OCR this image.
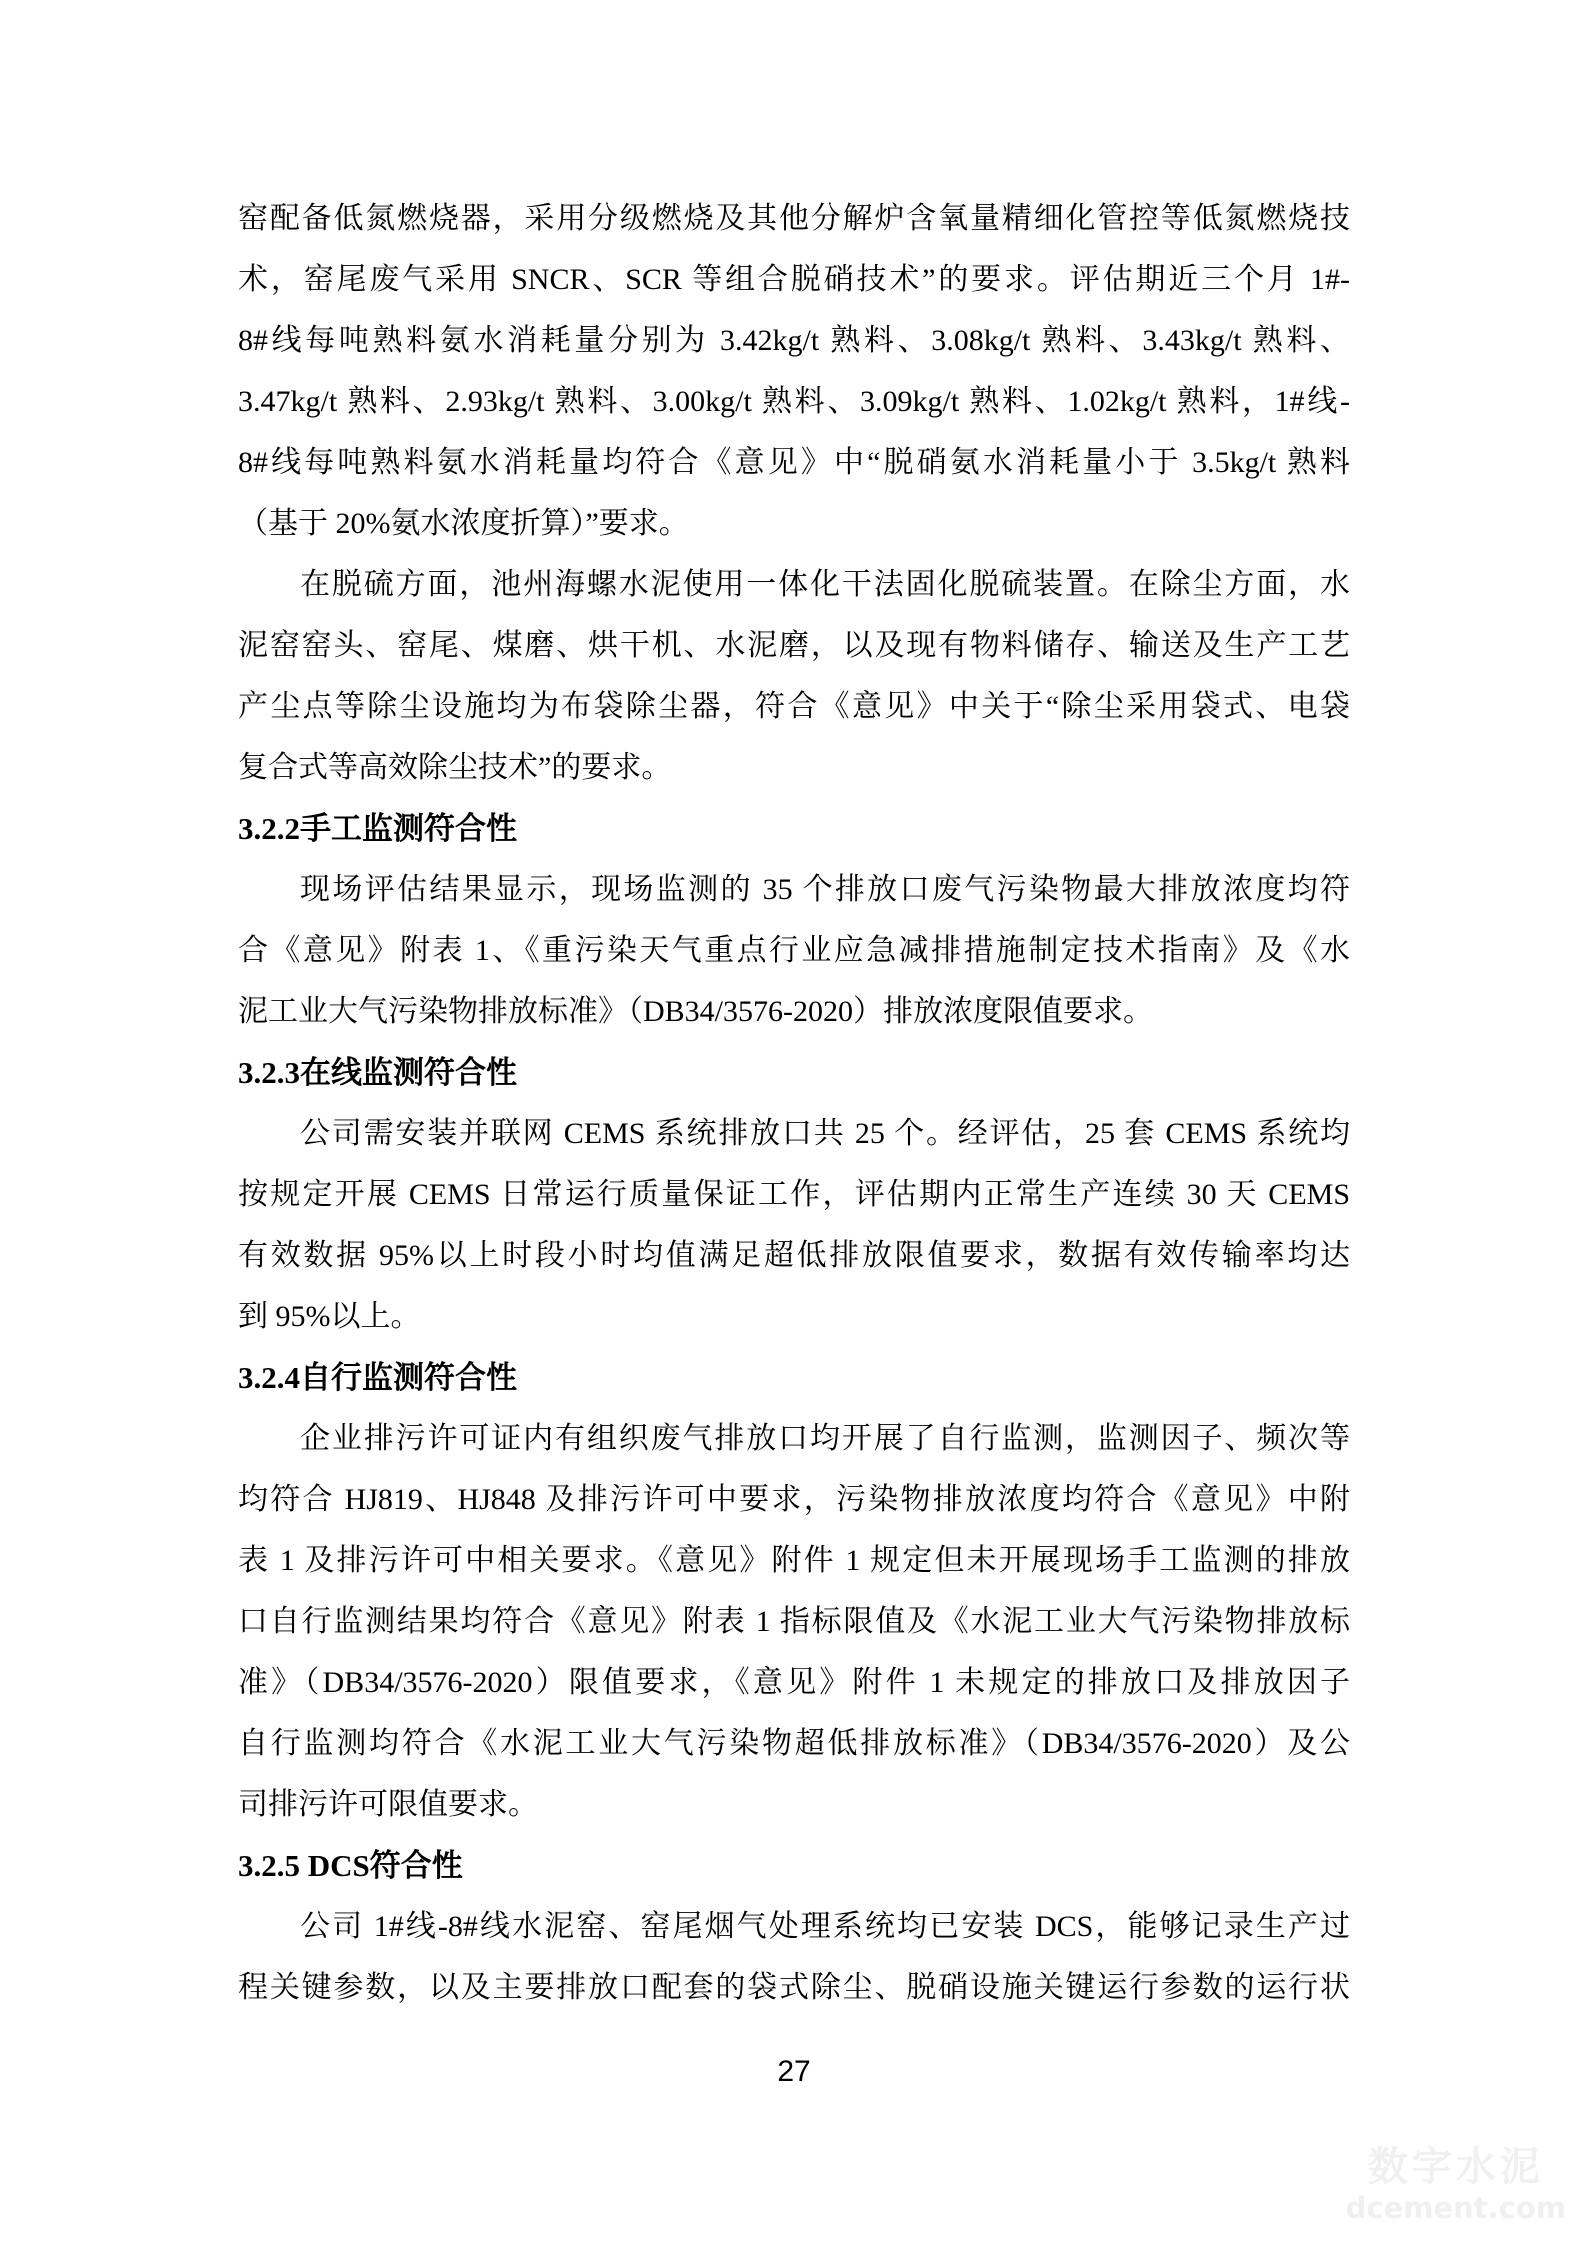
窑配备低氮燃烧器，采用分级燃烧及其他分解炉含氧量精细化管控等低氮燃烧技
术，窑尾废气采用 SNCR、SCR 等组合脱硝技术”的要求。评估期近三个月 1#-
8#线每吨熟料氨水消耗量分别为 3.42kg/t 熟料、3.08kg/t 熟料、3.43kg/t 熟料、
3.47kg/t 熟料、2.93kg/t 熟料、3.00kg/t 熟料、3.09kg/t 熟料、1.02kg/t 熟料，1#线-
8#线每吨熟料氨水消耗量均符合《意见》中“脱硝氨水消耗量小于 3.5kg/t 熟料
（基于 20%氨水浓度折算）”要求。
在脱硫方面，池州海螺水泥使用一体化干法固化脱硫装置。在除尘方面，水
泥窑窑头、窑尾、煤磨、烘干机、水泥磨，以及现有物料储存、输送及生产工艺
产尘点等除尘设施均为布袋除尘器，符合《意见》中关于“除尘采用袋式、电袋
复合式等高效除尘技术”的要求。
3.2.2手工监测符合性
现场评估结果显示，现场监测的 35 个排放口废气污染物最大排放浓度均符
合《意见》附表 1、《重污染天气重点行业应急减排措施制定技术指南》及《水
泥工业大气污染物排放标准》（DB34/3576-2020）排放浓度限值要求。
3.2.3在线监测符合性
公司需安装并联网 CEMS 系统排放口共 25 个。经评估，25 套 CEMS 系统均
按规定开展 CEMS 日常运行质量保证工作，评估期内正常生产连续 30 天 CEMS
有效数据 95%以上时段小时均值满足超低排放限值要求，数据有效传输率均达
到 95%以上。
3.2.4自行监测符合性
企业排污许可证内有组织废气排放口均开展了自行监测，监测因子、频次等
均符合 HJ819、HJ848 及排污许可中要求，污染物排放浓度均符合《意见》中附
表 1 及排污许可中相关要求。《意见》附件 1 规定但未开展现场手工监测的排放
口自行监测结果均符合《意见》附表 1 指标限值及《水泥工业大气污染物排放标
准》（DB34/3576-2020）限值要求，《意见》附件 1 未规定的排放口及排放因子
自行监测均符合《水泥工业大气污染物超低排放标准》（DB34/3576-2020）及公
司排污许可限值要求。
3.2.5 DCS符合性
公司 1#线-8#线水泥窑、窑尾烟气处理系统均已安装 DCS，能够记录生产过
程关键参数，以及主要排放口配套的袋式除尘、脱硝设施关键运行参数的运行状
27
数字水泥
dcement.com
